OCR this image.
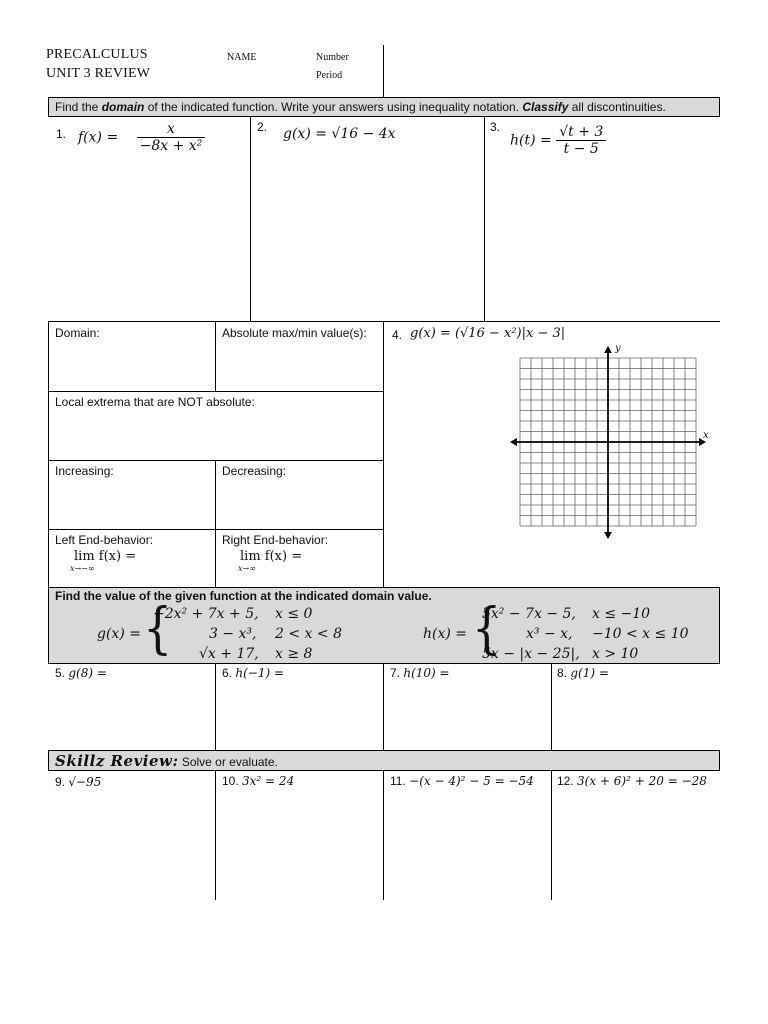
PRECALCULUS
UNIT 3 REVIEW
NAME	Number
Period
Find the domain of the indicated function. Write your answers using inequality notation. Classify all discontinuities.
1. $f(x) = \frac{x}{\text{−8x + x²}}$	2. g(x) = √16 − 4x	3.
$h(t) = \frac{√t + 3}{t - 5}$
Domain:	Absolute max/min value(s):
Local extrema that are NOT absolute:
Increasing:	Decreasing:
Left End-behavior:
lim f(x) =
x→−∞
Right End-behavior:
lim f(x) =
x→∞
4. g(x) = (√16 − x²)|x − 3|
x
y
Find the value of the given function at the indicated domain value.
g(x) = {
−2x² + 7x + 5, x ≤ 0
3 − x³, 2 < x < 8
√x + 17, x ≥ 8
h(x) = {
5x² − 7x − 5, x ≤ −10
x³ − x, −10 < x ≤ 10
5x − |x − 25|, x > 10
5. g(8) =	6. h(−1) =	7. h(10) =	8. g(1) =
Skillz Review: Solve or evaluate.
9. √−95	10. 3x² = 24	11. −(x − 4)² − 5 = −54 12. 3(x + 6)² + 20 = −28
